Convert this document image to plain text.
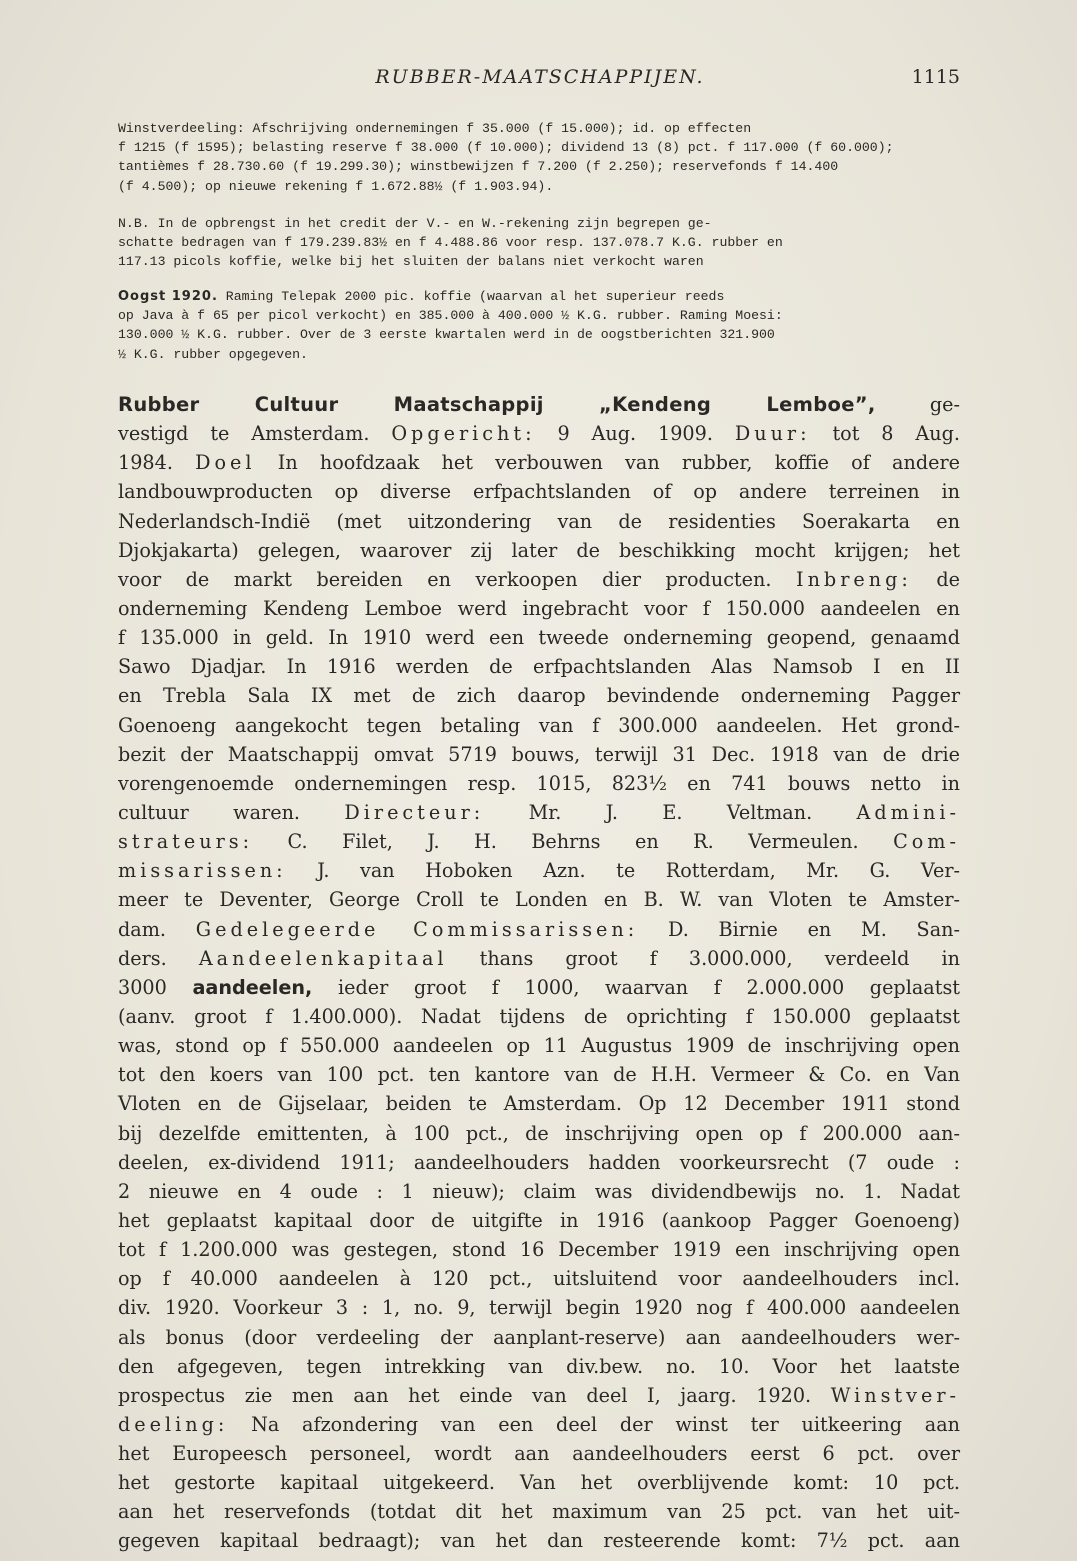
RUBBER-MAATSCHAPPIJEN.	1115
Winstverdeeling: Afschrijving ondernemingen f 35.000 (f 15.000); id. op effecten
f 1215 (f 1595); belasting reserve f 38.000 (f 10.000); dividend 13 (8) pct. f 117.000 (f 60.000);
tantièmes f 28.730.60 (f 19.299.30); winstbewijzen f 7.200 (f 2.250); reservefonds f 14.400
(f 4.500); op nieuwe rekening f 1.672.88½ (f 1.903.94).
N.B. In de opbrengst in het credit der V.- en W.-rekening zijn begrepen ge-
schatte bedragen van f 179.239.83½ en f 4.488.86 voor resp. 137.078.7 K.G. rubber en
117.13 picols koffie, welke bij het sluiten der balans niet verkocht waren
Oogst 1920. Raming Telepak 2000 pic. koffie (waarvan al het superieur reeds
op Java à f 65 per picol verkocht) en 385.000 à 400.000 ½ K.G. rubber. Raming Moesi:
130.000 ½ K.G. rubber. Over de 3 eerste kwartalen werd in de oogstberichten 321.900
½ K.G. rubber opgegeven.
Rubber Cultuur Maatschappij „Kendeng Lemboe”, ge-
vestigd te Amsterdam. Opgericht: 9 Aug. 1909. Duur: tot 8 Aug.
1984. Doel In hoofdzaak het verbouwen van rubber, koffie of andere
landbouwproducten op diverse erfpachtslanden of op andere terreinen in
Nederlandsch-Indië (met uitzondering van de residenties Soerakarta en
Djokjakarta) gelegen, waarover zij later de beschikking mocht krijgen; het
voor de markt bereiden en verkoopen dier producten. Inbreng: de
onderneming Kendeng Lemboe werd ingebracht voor f 150.000 aandeelen en
f 135.000 in geld. In 1910 werd een tweede onderneming geopend, genaamd
Sawo Djadjar. In 1916 werden de erfpachtslanden Alas Namsob I en II
en Trebla Sala IX met de zich daarop bevindende onderneming Pagger
Goenoeng aangekocht tegen betaling van f 300.000 aandeelen. Het grond-
bezit der Maatschappij omvat 5719 bouws, terwijl 31 Dec. 1918 van de drie
vorengenoemde ondernemingen resp. 1015, 823½ en 741 bouws netto in
cultuur waren. Directeur: Mr. J. E. Veltman. Admini-
strateurs: C. Filet, J. H. Behrns en R. Vermeulen. Com-
missarissen: J. van Hoboken Azn. te Rotterdam, Mr. G. Ver-
meer te Deventer, George Croll te Londen en B. W. van Vloten te Amster-
dam. Gedelegeerde Commissarissen: D. Birnie en M. San-
ders. Aandeelenkapitaal thans groot f 3.000.000, verdeeld in
3000 aandeelen, ieder groot f 1000, waarvan f 2.000.000 geplaatst
(aanv. groot f 1.400.000). Nadat tijdens de oprichting f 150.000 geplaatst
was, stond op f 550.000 aandeelen op 11 Augustus 1909 de inschrijving open
tot den koers van 100 pct. ten kantore van de H.H. Vermeer & Co. en Van
Vloten en de Gijselaar, beiden te Amsterdam. Op 12 December 1911 stond
bij dezelfde emittenten, à 100 pct., de inschrijving open op f 200.000 aan-
deelen, ex-dividend 1911; aandeelhouders hadden voorkeursrecht (7 oude :
2 nieuwe en 4 oude : 1 nieuw); claim was dividendbewijs no. 1. Nadat
het geplaatst kapitaal door de uitgifte in 1916 (aankoop Pagger Goenoeng)
tot f 1.200.000 was gestegen, stond 16 December 1919 een inschrijving open
op f 40.000 aandeelen à 120 pct., uitsluitend voor aandeelhouders incl.
div. 1920. Voorkeur 3 : 1, no. 9, terwijl begin 1920 nog f 400.000 aandeelen
als bonus (door verdeeling der aanplant-reserve) aan aandeelhouders wer-
den afgegeven, tegen intrekking van div.bew. no. 10. Voor het laatste
prospectus zie men aan het einde van deel I, jaarg. 1920. Winstver-
deeling: Na afzondering van een deel der winst ter uitkeering aan
het Europeesch personeel, wordt aan aandeelhouders eerst 6 pct. over
het gestorte kapitaal uitgekeerd. Van het overblijvende komt: 10 pct.
aan het reservefonds (totdat dit het maximum van 25 pct. van het uit-
gegeven kapitaal bedraagt); van het dan resteerende komt: 7½ pct. aan
